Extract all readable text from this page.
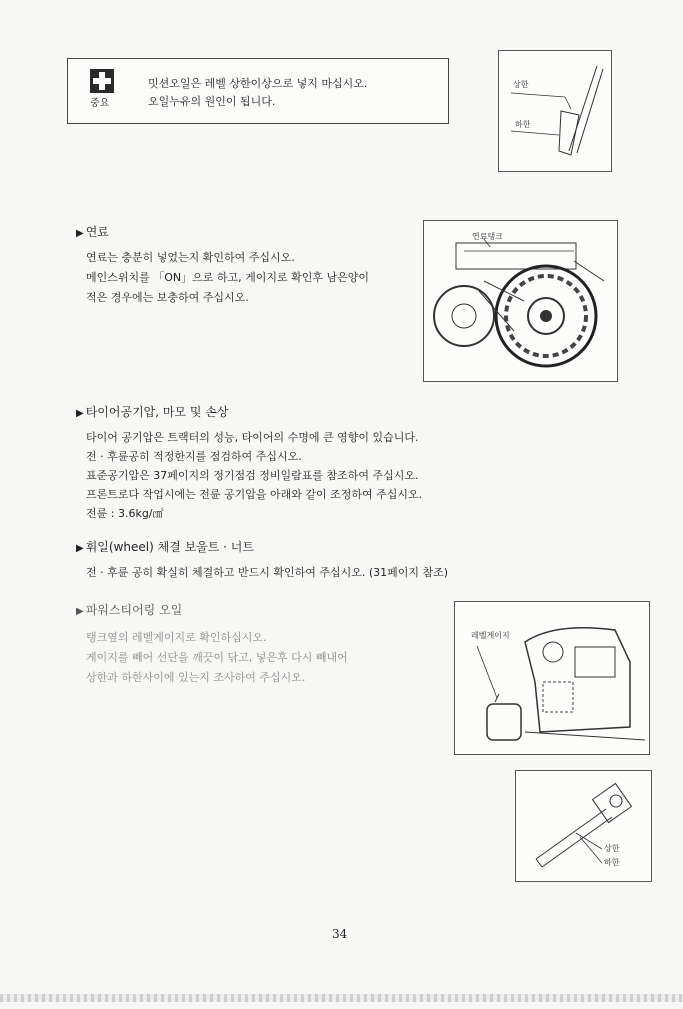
중요
밋션오일은 레벨 상한이상으로 넣지 마십시오.
오일누유의 원인이 됩니다.
상한
하한
▶ 연료
연료는 충분히 넣었는지 확인하여 주십시오.
메인스위치를 「ON」으로 하고, 게이지로 확인후 남은양이
적은 경우에는 보충하여 주십시오.
연료탱크
▶ 타이어공기압, 마모 및 손상
타이어 공기압은 트랙터의 성능, 타이어의 수명에 큰 영향이 있습니다.
전 · 후륜공히 적정한지를 점검하여 주십시오.
표준공기압은 37페이지의 정기점검 정비일람표를 참조하여 주십시오.
프론트로다 작업시에는 전륜 공기압을 아래와 같이 조정하여 주십시오.
전륜 : 3.6kg/㎠
▶ 휘일(wheel) 체결 보울트 · 너트
전 · 후륜 공히 확실히 체결하고 반드시 확인하여 주십시오. (31페이지 참조)
▶ 파워스티어링 오일
탱크옆의 레벨게이지로 확인하십시오.
게이지를 빼어 선단을 깨끗이 닦고, 넣은후 다시 빼내어
상한과 하한사이에 있는지 조사하여 주십시오.
레벨게이지
상한
하한
34
